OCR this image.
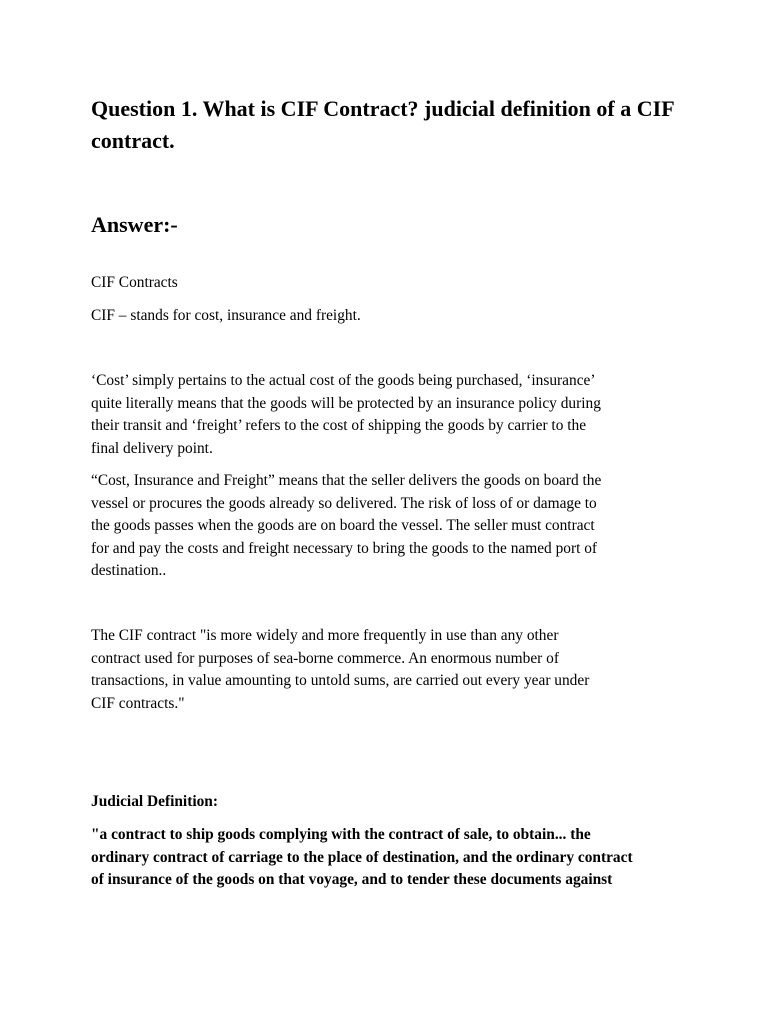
Question 1. What is CIF Contract? judicial definition of a CIF contract.
Answer:-

CIF Contracts

CIF – stands for cost, insurance and freight.

‘Cost’ simply pertains to the actual cost of the goods being purchased, ‘insurance’
quite literally means that the goods will be protected by an insurance policy during
their transit and ‘freight’ refers to the cost of shipping the goods by carrier to the
final delivery point.

“Cost, Insurance and Freight” means that the seller delivers the goods on board the
vessel or procures the goods already so delivered. The risk of loss of or damage to
the goods passes when the goods are on board the vessel. The seller must contract
for and pay the costs and freight necessary to bring the goods to the named port of
destination..

The CIF contract "is more widely and more frequently in use than any other
contract used for purposes of sea-borne commerce. An enormous number of
transactions, in value amounting to untold sums, are carried out every year under
CIF contracts."

Judicial Definition:

"a contract to ship goods complying with the contract of sale, to obtain... the
ordinary contract of carriage to the place of destination, and the ordinary contract
of insurance of the goods on that voyage, and to tender these documents against
